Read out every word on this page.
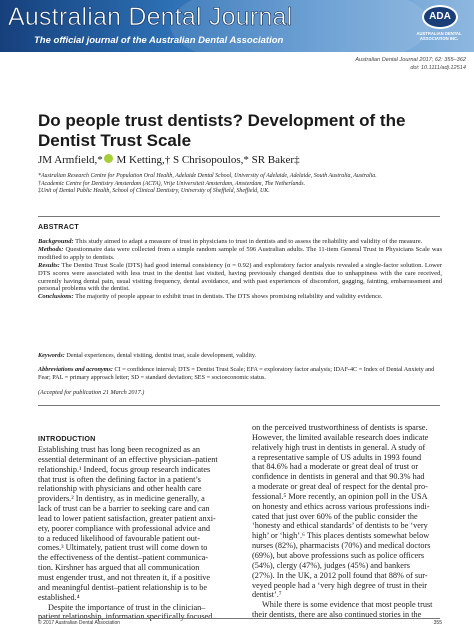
Australian Dental Journal
The official journal of the Australian Dental Association
ADA
AUSTRALIAN DENTAL ASSOCIATION INC.
Australian Dental Journal 2017; 62: 355–362
doi: 10.1111/adj.12514
Do people trust dentists? Development of the Dentist Trust Scale
JM Armfield,* M Ketting,† S Chrisopoulos,* SR Baker‡
*Australian Research Centre for Population Oral Health, Adelaide Dental School, University of Adelaide, Adelaide, South Australia, Australia.
†Academic Centre for Dentistry Amsterdam (ACTA), Vrije Universiteit Amsterdam, Amsterdam, The Netherlands.
‡Unit of Dental Public Health, School of Clinical Dentistry, University of Sheffield, Sheffield, UK.
ABSTRACT

Background: This study aimed to adapt a measure of trust in physicians to trust in dentists and to assess the reliability and validity of the measure.

Methods: Questionnaire data were collected from a simple random sample of 596 Australian adults. The 11-item General Trust in Physicians Scale was modified to apply to dentists.

Results: The Dentist Trust Scale (DTS) had good internal consistency (α = 0.92) and exploratory factor analysis revealed a single-factor solution. Lower DTS scores were associated with less trust in the dentist last visited, having previously changed dentists due to unhappiness with the care received, currently having dental pain, usual visiting frequency, dental avoidance, and with past experiences of discomfort, gagging, fainting, embarrassment and personal problems with the dentist.

Conclusions: The majority of people appear to exhibit trust in dentists. The DTS shows promising reliability and validity evidence.

Keywords: Dental experiences, dental visiting, dentist trust, scale development, validity.
Abbreviations and acronyms: CI = confidence interval; DTS = Dentist Trust Scale; EFA = exploratory factor analysis; IDAF-4C = Index of Dental Anxiety and Fear; PAL = primary approach letter; SD = standard deviation; SES = socioeconomic status.
(Accepted for publication 21 March 2017.)
INTRODUCTION
Establishing trust has long been recognized as an
essential determinant of an effective physician–patient
relationship.¹ Indeed, focus group research indicates
that trust is often the defining factor in a patient’s
relationship with physicians and other health care
providers.² In dentistry, as in medicine generally, a
lack of trust can be a barrier to seeking care and can
lead to lower patient satisfaction, greater patient anxi-
ety, poorer compliance with professional advice and
to a reduced likelihood of favourable patient out-
comes.³ Ultimately, patient trust will come down to
the effectiveness of the dentist–patient communica-
tion. Kirshner has argued that all communication
must engender trust, and not threaten it, if a positive
and meaningful dentist–patient relationship is to be
established.⁴
Despite the importance of trust in the clinician–
patient relationship, information specifically focused
on the perceived trustworthiness of dentists is sparse.
However, the limited available research does indicate
relatively high trust in dentists in general. A study of
a representative sample of US adults in 1993 found
that 84.6% had a moderate or great deal of trust or
confidence in dentists in general and that 90.3% had
a moderate or great deal of respect for the dental pro-
fessional.⁵ More recently, an opinion poll in the USA
on honesty and ethics across various professions indi-
cated that just over 60% of the public consider the
‘honesty and ethical standards’ of dentists to be ‘very
high’ or ‘high’.⁶ This places dentists somewhat below
nurses (82%), pharmacists (70%) and medical doctors
(69%), but above professions such as police officers
(54%), clergy (47%), judges (45%) and bankers
(27%). In the UK, a 2012 poll found that 88% of sur-
veyed people had a ‘very high degree of trust in their
dentist’.⁷
While there is some evidence that most people trust
their dentists, there are also continued stories in the
© 2017 Australian Dental Association	355
